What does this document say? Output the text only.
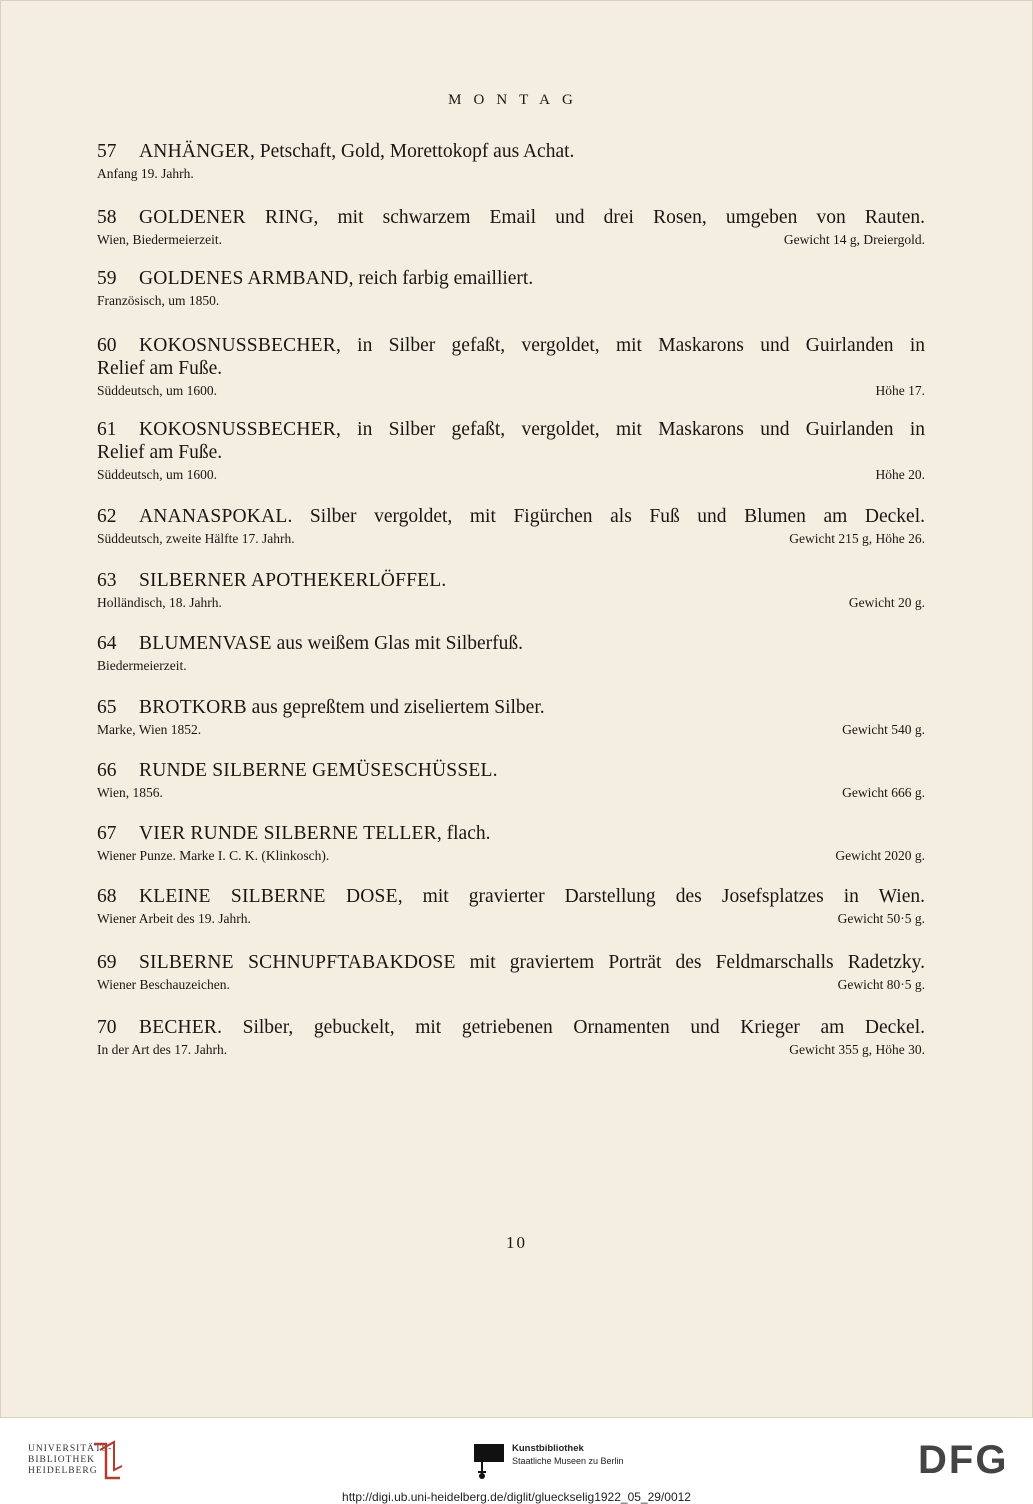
MONTAG
57 ANHÄNGER, Petschaft, Gold, Morettokopf aus Achat.
Anfang 19. Jahrh.
58 GOLDENER RING, mit schwarzem Email und drei Rosen, umgeben von Rauten.
Wien, Biedermeierzeit.	Gewicht 14 g, Dreiergold.
59 GOLDENES ARMBAND, reich farbig emailliert.
Französisch, um 1850.
60 KOKOSNUSSBECHER, in Silber gefaßt, vergoldet, mit Maskarons und Guirlanden in
Relief am Fuße.
Süddeutsch, um 1600.	Höhe 17.
61 KOKOSNUSSBECHER, in Silber gefaßt, vergoldet, mit Maskarons und Guirlanden in
Relief am Fuße.
Süddeutsch, um 1600.	Höhe 20.
62 ANANASPOKAL. Silber vergoldet, mit Figürchen als Fuß und Blumen am Deckel.
Süddeutsch, zweite Hälfte 17. Jahrh.	Gewicht 215 g, Höhe 26.
63 SILBERNER APOTHEKERLÖFFEL.
Holländisch, 18. Jahrh.	Gewicht 20 g.
64 BLUMENVASE aus weißem Glas mit Silberfuß.
Biedermeierzeit.
65 BROTKORB aus gepreßtem und ziseliertem Silber.
Marke, Wien 1852.	Gewicht 540 g.
66 RUNDE SILBERNE GEMÜSESCHÜSSEL.
Wien, 1856.	Gewicht 666 g.
67 VIER RUNDE SILBERNE TELLER, flach.
Wiener Punze. Marke I. C. K. (Klinkosch).	Gewicht 2020 g.
68 KLEINE SILBERNE DOSE, mit gravierter Darstellung des Josefsplatzes in Wien.
Wiener Arbeit des 19. Jahrh.	Gewicht 50·5 g.
69 SILBERNE SCHNUPFTABAKDOSE mit graviertem Porträt des Feldmarschalls Radetzky.
Wiener Beschauzeichen.	Gewicht 80·5 g.
70 BECHER. Silber, gebuckelt, mit getriebenen Ornamenten und Krieger am Deckel.
In der Art des 17. Jahrh.	Gewicht 355 g, Höhe 30.
10
UNIVERSITÄTS-
BIBLIOTHEK
HEIDELBERG
Kunstbibliothek
Staatliche Museen zu Berlin	DFG
http://digi.ub.uni-heidelberg.de/diglit/glueckselig1922_05_29/0012
